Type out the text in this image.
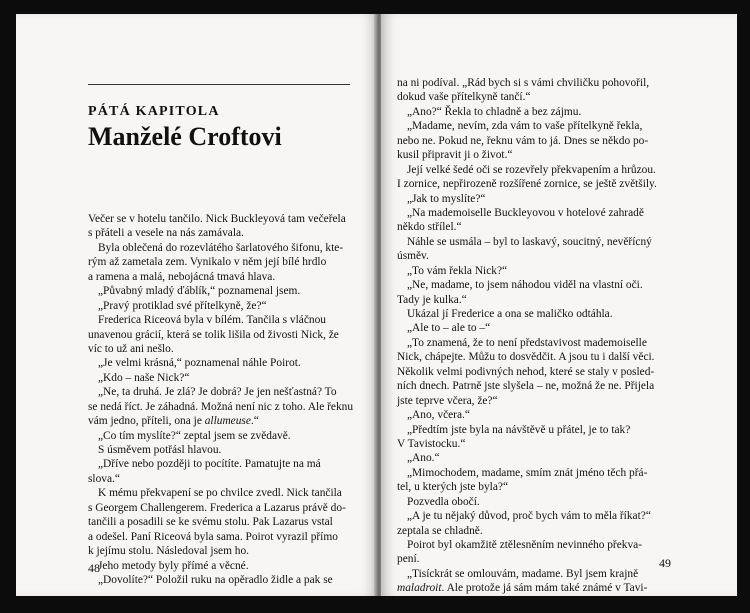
PÁTÁ KAPITOLA

Manželé Croftovi

Večer se v hotelu tančilo. Nick Buckleyová tam večeřela
s přáteli a vesele na nás zamávala.
Byla oblečená do rozevlátého šarlatového šifonu, kte-
rým až zametala zem. Vynikalo v něm její bílé hrdlo
a ramena a malá, nebojácná tmavá hlava.
„Půvabný mladý ďáblík,“ poznamenal jsem.
„Pravý protiklad své přítelkyně, že?“
Frederica Riceová byla v bílém. Tančila s vláčnou
unavenou grácií, která se tolik lišila od živosti Nick, že
víc to už ani nešlo.
„Je velmi krásná,“ poznamenal náhle Poirot.
„Kdo – naše Nick?“
„Ne, ta druhá. Je zlá? Je dobrá? Je jen nešťastná? To
se nedá říct. Je záhadná. Možná není nic z toho. Ale řeknu
vám jedno, příteli, ona je allumeuse.“
„Co tím myslíte?“ zeptal jsem se zvědavě.
S úsměvem potřásl hlavou.
„Dříve nebo později to pocítíte. Pamatujte na má
slova.“
K mému překvapení se po chvilce zvedl. Nick tančila
s Georgem Challengerem. Frederica a Lazarus právě do-
tančili a posadili se ke svému stolu. Pak Lazarus vstal
a odešel. Paní Riceová byla sama. Poirot vyrazil přímo
k jejímu stolu. Následoval jsem ho.
Jeho metody byly přímé a věcné.
„Dovolíte?“ Položil ruku na opěradlo židle a pak se

48

na ni podíval. „Rád bych si s vámi chviličku pohovořil,
dokud vaše přítelkyně tančí.“
„Ano?“ Řekla to chladně a bez zájmu.
„Madame, nevím, zda vám to vaše přítelkyně řekla,
nebo ne. Pokud ne, řeknu vám to já. Dnes se někdo po-
kusil připravit ji o život.“
Její velké šedé oči se rozevřely překvapením a hrůzou.
I zornice, nepřirozeně rozšířené zornice, se ještě zvětšily.
„Jak to myslíte?“
„Na mademoiselle Buckleyovou v hotelové zahradě
někdo střílel.“
Náhle se usmála – byl to laskavý, soucitný, nevěřícný
úsměv.
„To vám řekla Nick?“
„Ne, madame, to jsem náhodou viděl na vlastní oči.
Tady je kulka.“
Ukázal jí Frederice a ona se maličko odtáhla.
„Ale to – ale to –“
„To znamená, že to není představivost mademoiselle
Nick, chápejte. Můžu to dosvědčit. A jsou tu i další věci.
Několik velmi podivných nehod, které se staly v posled-
ních dnech. Patrně jste slyšela – ne, možná že ne. Přijela
jste teprve včera, že?“
„Ano, včera.“
„Předtím jste byla na návštěvě u přátel, je to tak?
V Tavistocku.“
„Ano.“
„Mimochodem, madame, smím znát jméno těch přá-
tel, u kterých jste byla?“
Pozvedla obočí.
„A je tu nějaký důvod, proč bych vám to měla říkat?“
zeptala se chladně.
Poirot byl okamžitě ztělesněním nevinného překva-
pení.
„Tisíckrát se omlouvám, madame. Byl jsem krajně
maladroit. Ale protože já sám mám také známé v Tavi-

49
